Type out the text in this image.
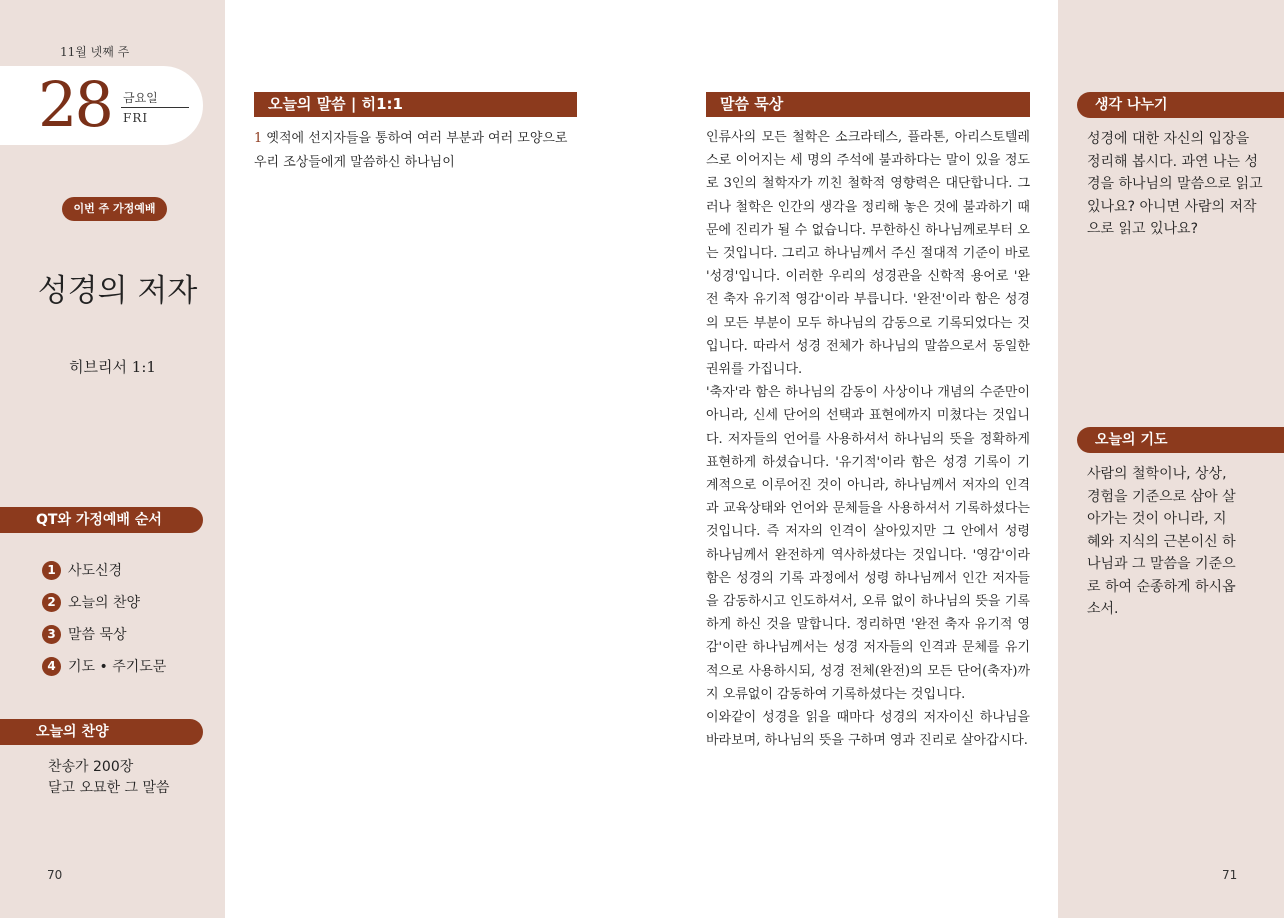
11월 넷째 주
28 금요일
FRI
이번 주 가정예배
성경의 저자
히브리서 1:1
QT와 가정예배 순서
1 사도신경
2 오늘의 찬양
3 말씀 묵상
4 기도 • 주기도문
오늘의 찬양
찬송가 200장
달고 오묘한 그 말씀
70
오늘의 말씀 | 히1:1
1 옛적에 선지자들을 통하여 여러 부분과 여러 모양으로 우리 조상들에게 말씀하신 하나님이
말씀 묵상

인류사의 모든 철학은 소크라테스, 플라톤, 아리스토텔레스로 이어지는 세 명의 주석에 불과하다는 말이 있을 정도로 3인의 철학자가 끼친 철학적 영향력은 대단합니다. 그러나 철학은 인간의 생각을 정리해 놓은 것에 불과하기 때문에 진리가 될 수 없습니다. 무한하신 하나님께로부터 오는 것입니다. 그리고 하나님께서 주신 절대적 기준이 바로 '성경'입니다. 이러한 우리의 성경관을 신학적 용어로 '완전 축자 유기적 영감'이라 부릅니다. '완전'이라 함은 성경의 모든 부분이 모두 하나님의 감동으로 기록되었다는 것입니다. 따라서 성경 전체가 하나님의 말씀으로서 동일한 권위를 가집니다.

'축자'라 함은 하나님의 감동이 사상이나 개념의 수준만이 아니라, 신세 단어의 선택과 표현에까지 미쳤다는 것입니다. 저자들의 언어를 사용하셔서 하나님의 뜻을 정확하게 표현하게 하셨습니다. '유기적'이라 함은 성경 기록이 기계적으로 이루어진 것이 아니라, 하나님께서 저자의 인격과 교육상태와 언어와 문체들을 사용하셔서 기록하셨다는 것입니다. 즉 저자의 인격이 살아있지만 그 안에서 성령 하나님께서 완전하게 역사하셨다는 것입니다. '영감'이라 함은 성경의 기록 과정에서 성령 하나님께서 인간 저자들을 감동하시고 인도하셔서, 오류 없이 하나님의 뜻을 기록하게 하신 것을 말합니다. 정리하면 '완전 축자 유기적 영감'이란 하나님께서는 성경 저자들의 인격과 문체를 유기적으로 사용하시되, 성경 전체(완전)의 모든 단어(축자)까지 오류없이 감동하여 기록하셨다는 것입니다.

이와같이 성경을 읽을 때마다 성경의 저자이신 하나님을 바라보며, 하나님의 뜻을 구하며 영과 진리로 살아갑시다.

생각 나누기
성경에 대한 자신의 입장을 정리해 봅시다. 과연 나는 성경을 하나님의 말씀으로 읽고 있나요? 아니면 사람의 저작으로 읽고 있나요?
오늘의 기도
사람의 철학이나, 상상, 경험을 기준으로 삼아 살아가는 것이 아니라, 지혜와 지식의 근본이신 하나님과 그 말씀을 기준으로 하여 순종하게 하시옵소서.
71
